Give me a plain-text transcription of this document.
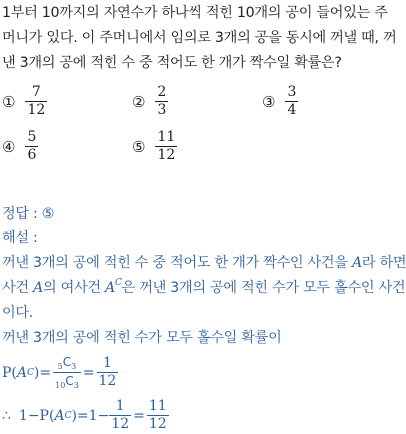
1부터 10까지의 자연수가 하나씩 적힌 10개의 공이 들어있는 주
머니가 있다. 이 주머니에서 임의로 3개의 공을 동시에 꺼낼 때, 꺼
낸 3개의 공에 적힌 수 중 적어도 한 개가 짝수일 확률은?
① $\frac{7}{12}$	② $\frac{2}{3}$	③ $\frac{3}{4}$
④ $\frac{5}{6}$	⑤ $\frac{11}{12}$
정답 : ⑤
해설 :
꺼낸 3개의 공에 적힌 수 중 적어도 한 개가 짝수인 사건을 A라 하면
사건 A의 여사건 $A^C$은 꺼낸 3개의 공에 적힌 수가 모두 홀수인 사건
이다.
꺼낸 3개의 공에 적힌 수가 모두 홀수일 확률이
P( A C )= $\frac{5 C 3}{10 C 3} = \frac{1}{12}$
∴ 1−P( A C )$=1- \frac{1}{12} = \frac{11}{12}$
